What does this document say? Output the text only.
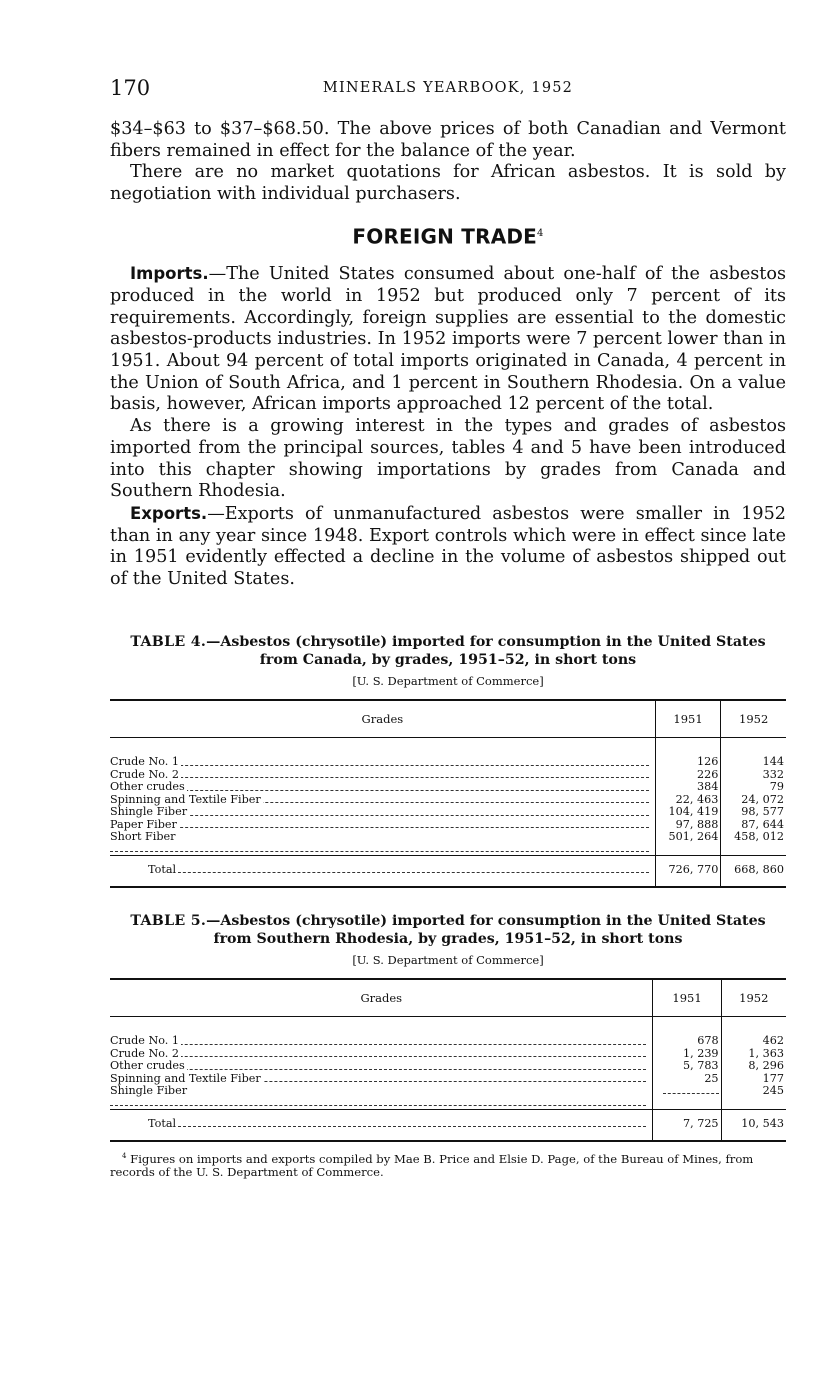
170	MINERALS YEARBOOK, 1952

$34–$63 to $37–$68.50. The above prices of both Canadian and Vermont fibers remained in effect for the balance of the year.

There are no market quotations for African asbestos. It is sold by negotiation with individual purchasers.

FOREIGN TRADE$^4$

Imports.—The United States consumed about one-half of the asbestos produced in the world in 1952 but produced only 7 percent of its requirements. Accordingly, foreign supplies are essential to the domestic asbestos-products industries. In 1952 imports were 7 percent lower than in 1951. About 94 percent of total imports originated in Canada, 4 percent in the Union of South Africa, and 1 percent in Southern Rhodesia. On a value basis, however, African imports approached 12 percent of the total.

As there is a growing interest in the types and grades of asbestos imported from the principal sources, tables 4 and 5 have been introduced into this chapter showing importations by grades from Canada and Southern Rhodesia.

Exports.—Exports of unmanufactured asbestos were smaller in 1952 than in any year since 1948. Export controls which were in effect since late in 1951 evidently effected a decline in the volume of asbestos shipped out of the United States.

TABLE 4.—Asbestos (chrysotile) imported for consumption in the United States from Canada, by grades, 1951–52, in short tons
[U. S. Department of Commerce]
Grades	1951	1952
Crude No. 1	126	144
Crude No. 2	226	332
Other crudes	384	79
Spinning and Textile Fiber	22, 463	24, 072
Shingle Fiber	104, 419	98, 577
Paper Fiber	97, 888	87, 644
Short Fiber	501, 264	458, 012
Total	726, 770	668, 860
TABLE 5.—Asbestos (chrysotile) imported for consumption in the United States from Southern Rhodesia, by grades, 1951–52, in short tons
[U. S. Department of Commerce]
Grades	1951	1952
Crude No. 1	678	462
Crude No. 2	1, 239	1, 363
Other crudes	5, 783	8, 296
Spinning and Textile Fiber	25	177
Shingle Fiber		245
Total	7, 725	10, 543
$^4$ Figures on imports and exports compiled by Mae B. Price and Elsie D. Page, of the Bureau of Mines, from records of the U. S. Department of Commerce.
